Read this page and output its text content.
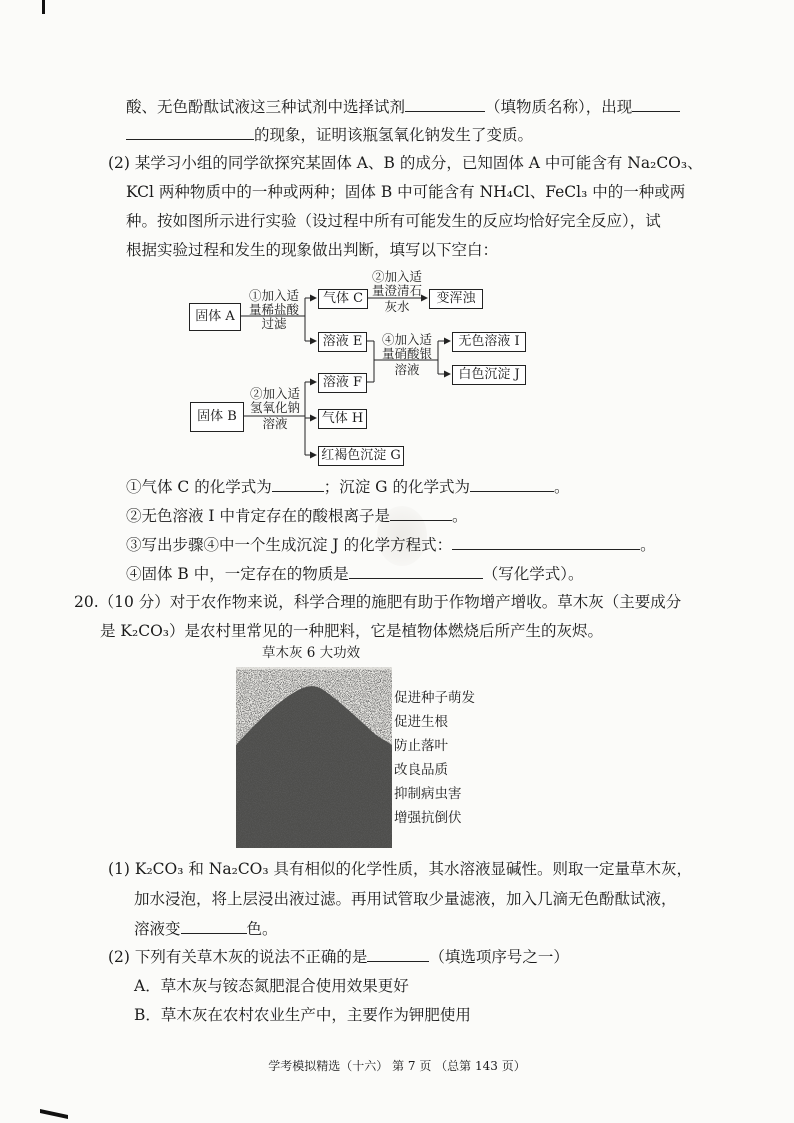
酸、无色酚酞试液这三种试剂中选择试剂	（填物质名称），出现
的现象，证明该瓶氢氧化钠发生了变质。
(2) 某学习小组的同学欲探究某固体 A、B 的成分，已知固体 A 中可能含有 Na₂CO₃、
KCl 两种物质中的一种或两种；固体 B 中可能含有 NH₄Cl、FeCl₃ 中的一种或两
种。按如图所示进行实验（设过程中所有可能发生的反应均恰好完全反应），试
根据实验过程和发生的现象做出判断，填写以下空白：
固体 A
固体 B
气体 C	变浑浊
溶液 E
溶液 F
无色溶液 I
白色沉淀 J
气体 H
红褐色沉淀 G
①加入适
量稀盐酸
过滤
②加入适
量澄清石
灰水
④加入适
量硝酸银
溶液
②加入适
氢氧化钠
溶液
①气体 C 的化学式为	；沉淀 G 的化学式为	。
②无色溶液 I 中肯定存在的酸根离子是	。
③写出步骤④中一个生成沉淀 J 的化学方程式：	。
④固体 B 中，一定存在的物质是	（写化学式）。
20.（10 分）对于农作物来说，科学合理的施肥有助于作物增产增收。草木灰（主要成分
是 K₂CO₃）是农村里常见的一种肥料，它是植物体燃烧后所产生的灰烬。
草木灰 6 大功效
促进种子萌发
促进生根
防止落叶
改良品质
抑制病虫害
增强抗倒伏
(1) K₂CO₃ 和 Na₂CO₃ 具有相似的化学性质，其水溶液显碱性。则取一定量草木灰，
加水浸泡，将上层浸出液过滤。再用试管取少量滤液，加入几滴无色酚酞试液，
溶液变	色。
(2) 下列有关草木灰的说法不正确的是	（填选项序号之一）
A．草木灰与铵态氮肥混合使用效果更好
B．草木灰在农村农业生产中，主要作为钾肥使用
学考模拟精选（十六） 第 7 页 （总第 143 页）
